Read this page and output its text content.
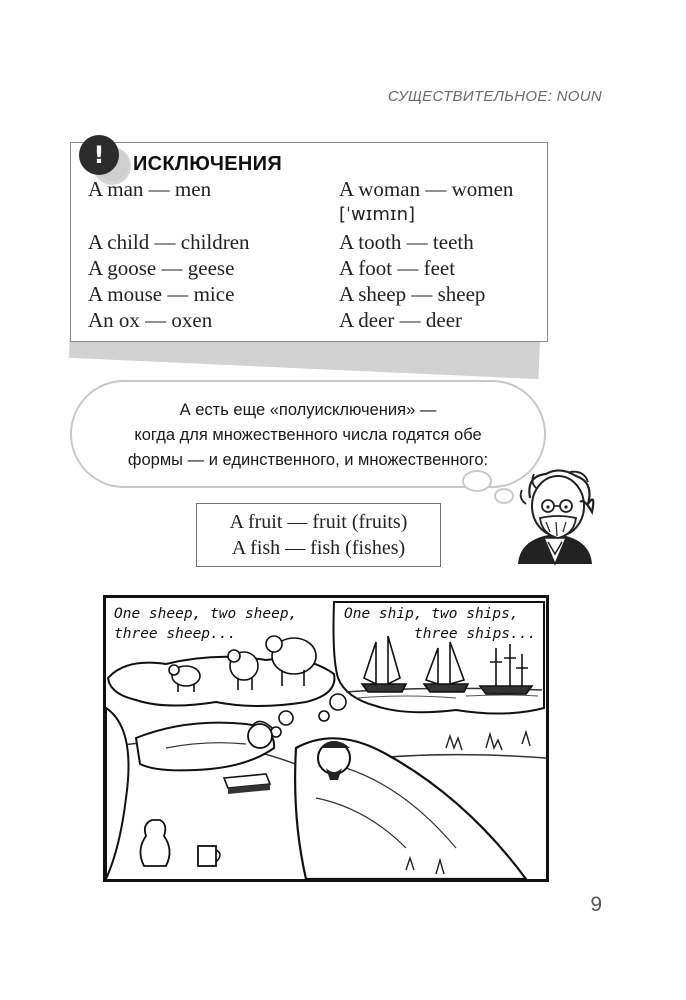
СУЩЕСТВИТЕЛЬНОЕ: NOUN
!	ИСКЛЮЧЕНИЯ
A man — men
A child — children
A goose — geese
A mouse — mice
An ox — oxen
A woman — women
[ˈwɪmɪn]
A tooth — teeth
A foot — feet
A sheep — sheep
A deer — deer
А есть еще «полуисключения» —
когда для множественного числа годятся обе
формы — и единственного, и множественного:
A fruit — fruit (fruits)
A fish — fish (fishes)
One sheep, two sheep,
three sheep...
One ship, two ships,
three ships...
9
